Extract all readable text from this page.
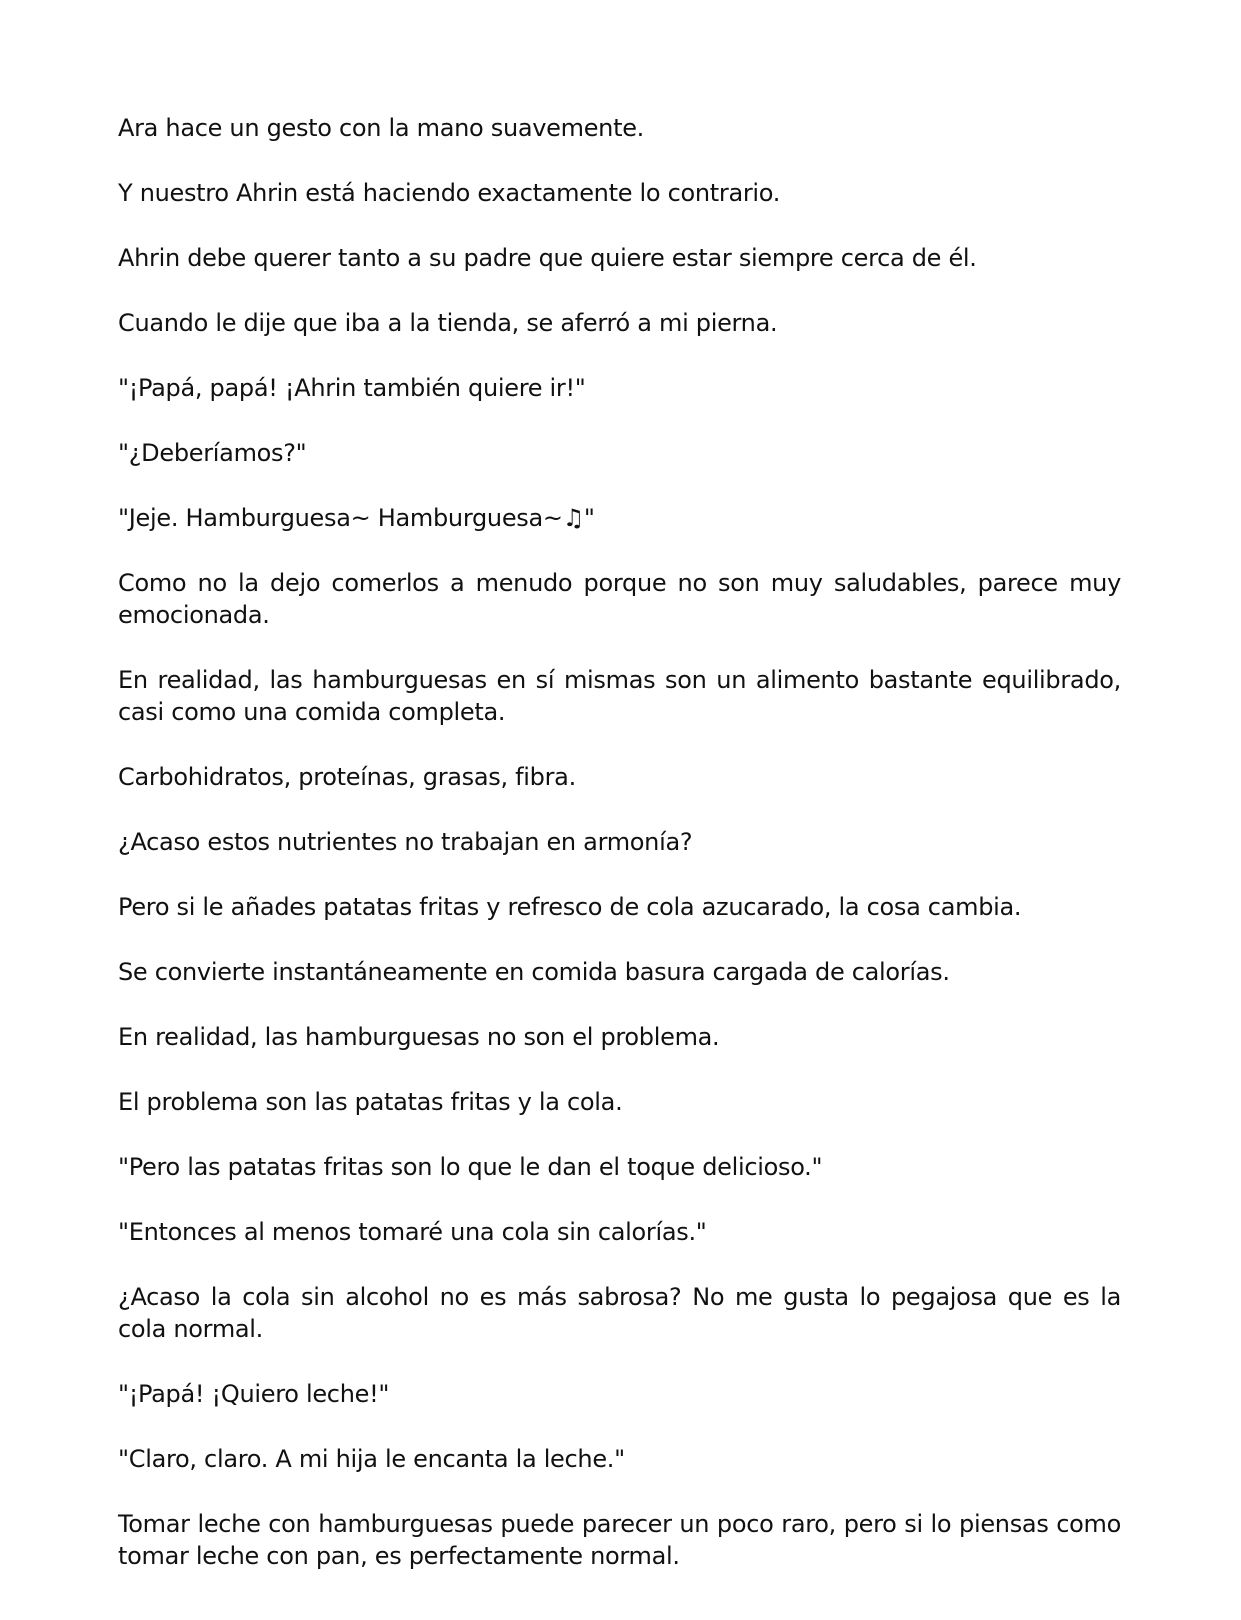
Ara hace un gesto con la mano suavemente.

Y nuestro Ahrin está haciendo exactamente lo contrario.

Ahrin debe querer tanto a su padre que quiere estar siempre cerca de él.

Cuando le dije que iba a la tienda, se aferró a mi pierna.

"¡Papá, papá! ¡Ahrin también quiere ir!"

"¿Deberíamos?"

"Jeje. Hamburguesa~ Hamburguesa~♫"

Como no la dejo comerlos a menudo porque no son muy saludables, parece muy emocionada.

En realidad, las hamburguesas en sí mismas son un alimento bastante equilibrado, casi como una comida completa.

Carbohidratos, proteínas, grasas, fibra.

¿Acaso estos nutrientes no trabajan en armonía?

Pero si le añades patatas fritas y refresco de cola azucarado, la cosa cambia.

Se convierte instantáneamente en comida basura cargada de calorías.

En realidad, las hamburguesas no son el problema.

El problema son las patatas fritas y la cola.

"Pero las patatas fritas son lo que le dan el toque delicioso."

"Entonces al menos tomaré una cola sin calorías."

¿Acaso la cola sin alcohol no es más sabrosa? No me gusta lo pegajosa que es la cola normal.

"¡Papá! ¡Quiero leche!"

"Claro, claro. A mi hija le encanta la leche."

Tomar leche con hamburguesas puede parecer un poco raro, pero si lo piensas como tomar leche con pan, es perfectamente normal.
